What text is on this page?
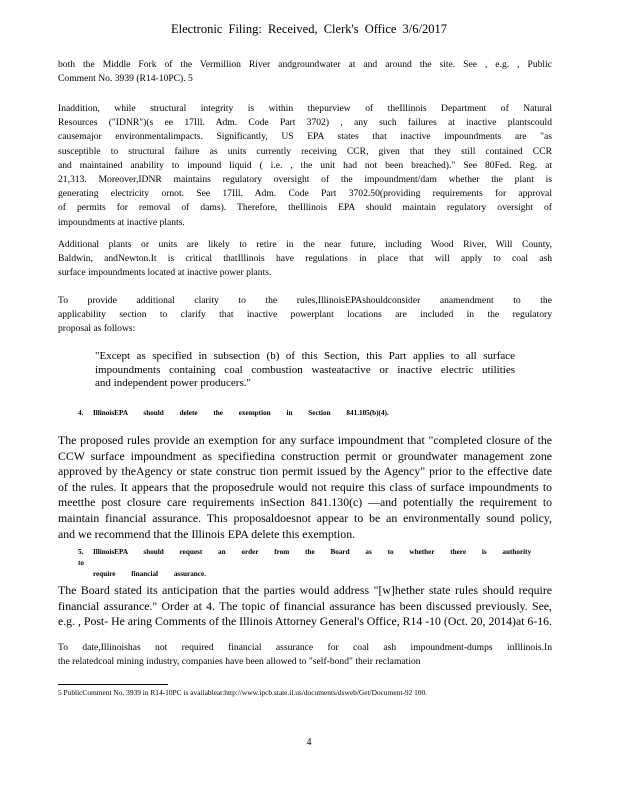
Electronic Filing: Received, Clerk's Office 3/6/2017
both the Middle Fork of the Vermillion River andgroundwater at and around the site. See , e.g. , Public
Comment No. 3939 (R14-10PC). 5
Inaddition, while structural integrity is within thepurview of theIllinois Department of Natural
Resources ("IDNR")(s ee 17Ill. Adm. Code Part 3702) , any such failures at inactive plantscould
causemajor environmentalimpacts. Significantly, US EPA states that inactive impoundments are "as
susceptible to structural failure as units currently receiving CCR, given that they still contained CCR
and maintained anability to impound liquid ( i.e. , the unit had not been breached)." See 80Fed. Reg. at
21,313. Moreover,IDNR maintains regulatory oversight of the impoundment/dam whether the plant is
generating electricity ornot. See 17Ill. Adm. Code Part 3702.50(providing requirements for approval
of permits for removal of dams). Therefore, theIllinois EPA should maintain regulatory oversight of
impoundments at inactive plants.
Additional plants or units are likely to retire in the near future, including Wood River, Will County,
Baldwin, andNewton.It is critical thatIllinois have regulations in place that will apply to coal ash
surface impoundments located at inactive power plants.
To provide additional clarity to the rules,IllinoisEPAshouldconsider anamendment to the
applicability section to clarify that inactive powerplant locations are included in the regulatory
proposal as follows:
"Except as specified in subsection (b) of this Section, this Part applies to all surface
impoundments containing coal combustion wasteatactive or inactive electric utilities
and independent power producers."
4. IllinoisEPA should delete the exemption in Section 841.105(b)(4).
The proposed rules provide an exemption for any surface impoundment that "completed closure of the
CCW surface impoundment as specifiedina construction permit or groundwater management zone
approved by theAgency or state construc tion permit issued by the Agency" prior to the effective date
of the rules. It appears that the proposedrule would not require this class of surface impoundments to
meetthe post closure care requirements inSection 841.130(c) —and potentially the requirement to
maintain financial assurance. This proposaldoesnot appear to be an environmentally sound policy,
and we recommend that the Illinois EPA delete this exemption.
5. IllinoisEPA should request an order from the Board as to whether there is authority to
require financial assurance.
The Board stated its anticipation that the parties would address "[w]hether state rules should require
financial assurance." Order at 4. The topic of financial assurance has been discussed previously. See,
e.g. , Post- He aring Comments of the Illinois Attorney General's Office, R14 -10 (Oct. 20, 2014)at 6-16.
To date,Illinoishas not required financial assurance for coal ash impoundment-dumps inIllinois.In
the relatedcoal mining industry, companies have been allowed to "self-bond" their reclamation
5 PublicComment No. 3939 in R14-10PC is availableat:http://www.ipcb.state.il.us/documents/dsweb/Get/Document-92 100.
4
